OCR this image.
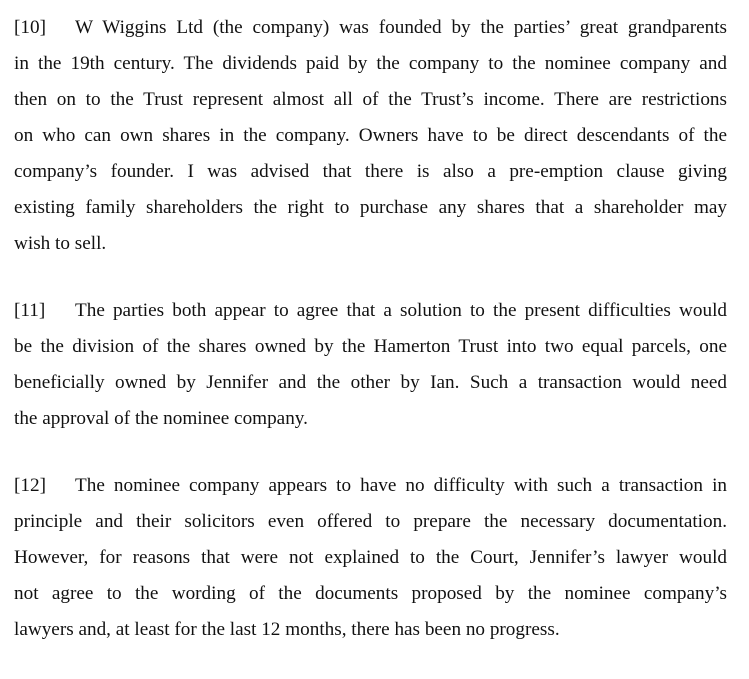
[10] W Wiggins Ltd (the company) was founded by the parties’ great grandparents
in the 19th century. The dividends paid by the company to the nominee company and
then on to the Trust represent almost all of the Trust’s income. There are restrictions
on who can own shares in the company. Owners have to be direct descendants of the
company’s founder. I was advised that there is also a pre-emption clause giving
existing family shareholders the right to purchase any shares that a shareholder may
wish to sell.
[11] The parties both appear to agree that a solution to the present difficulties would
be the division of the shares owned by the Hamerton Trust into two equal parcels, one
beneficially owned by Jennifer and the other by Ian. Such a transaction would need
the approval of the nominee company.
[12] The nominee company appears to have no difficulty with such a transaction in
principle and their solicitors even offered to prepare the necessary documentation.
However, for reasons that were not explained to the Court, Jennifer’s lawyer would
not agree to the wording of the documents proposed by the nominee company’s
lawyers and, at least for the last 12 months, there has been no progress.
